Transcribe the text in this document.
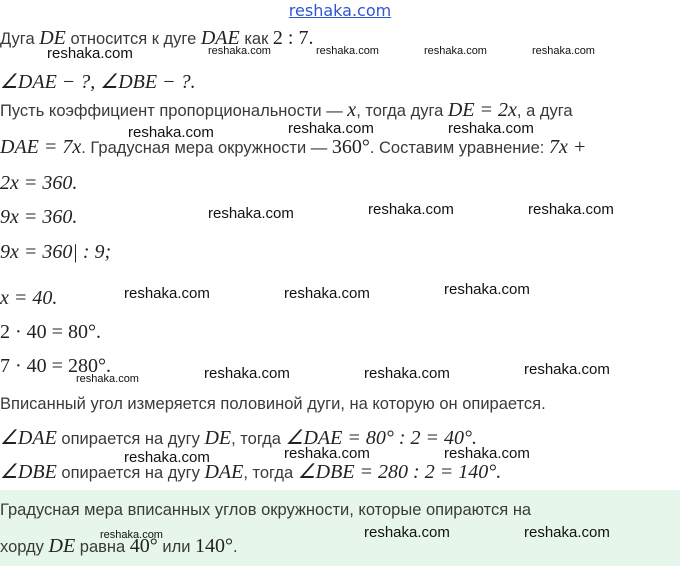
reshaka.com
Дуга DE относится к дуге DAE как 2 : 7.
∠DAE − ?, ∠DBE − ?.
Пусть коэффициент пропорциональности — x, тогда дуга DE = 2x, а дуга
DAE = 7x. Градусная мера окружности — 360°. Составим уравнение: 7x +
2x = 360.
9x = 360.
9x = 360| : 9;
x = 40.
2 · 40 = 80°.
7 · 40 = 280°.
Вписанный угол измеряется половиной дуги, на которую он опирается.
∠DAE опирается на дугу DE, тогда ∠DAE = 80° : 2 = 40°.
∠DBE опирается на дугу DAE, тогда ∠DBE = 280 : 2 = 140°.
Градусная мера вписанных углов окружности, которые опираются на
хорду DE равна 40° или 140°.
reshaka.com	reshaka.com	reshaka.com	reshaka.com	reshaka.com
reshaka.com	reshaka.com	reshaka.com
reshaka.com	reshaka.com	reshaka.com
reshaka.com	reshaka.com	reshaka.com
reshaka.com	reshaka.com	reshaka.com	reshaka.com
reshaka.com	reshaka.com	reshaka.com
reshaka.com	reshaka.com	reshaka.com
